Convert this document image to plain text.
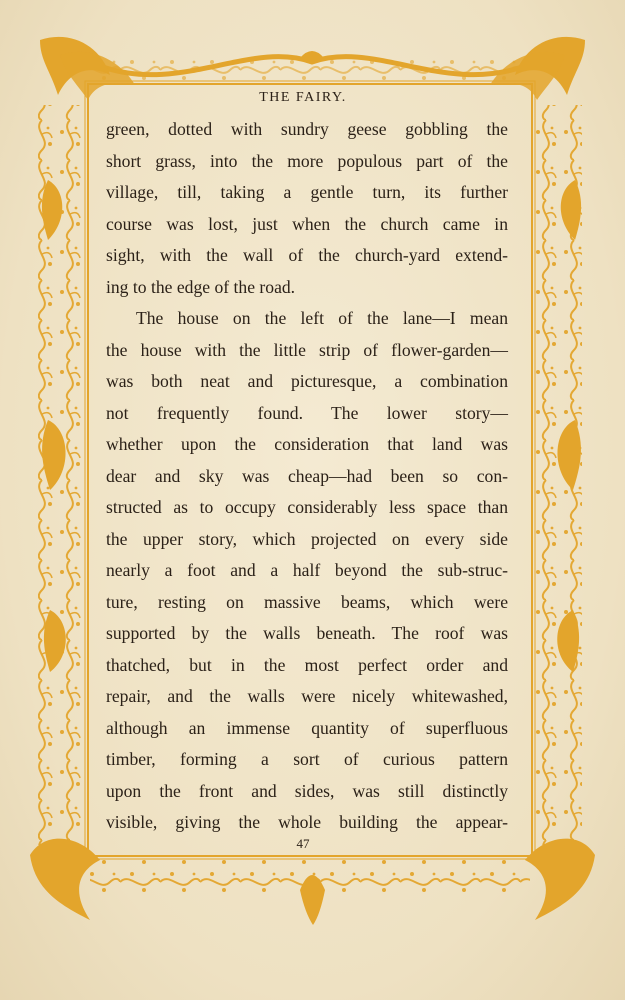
THE FAIRY.
green, dotted with sundry geese gobbling the
short grass, into the more populous part of the
village, till, taking a gentle turn, its further
course was lost, just when the church came in
sight, with the wall of the church-yard extend-
ing to the edge of the road.
The house on the left of the lane—I mean
the house with the little strip of flower-garden—
was both neat and picturesque, a combination
not frequently found. The lower story—
whether upon the consideration that land was
dear and sky was cheap—had been so con-
structed as to occupy considerably less space than
the upper story, which projected on every side
nearly a foot and a half beyond the sub-struc-
ture, resting on massive beams, which were
supported by the walls beneath. The roof was
thatched, but in the most perfect order and
repair, and the walls were nicely whitewashed,
although an immense quantity of superfluous
timber, forming a sort of curious pattern
upon the front and sides, was still distinctly
visible, giving the whole building the appear-
47
